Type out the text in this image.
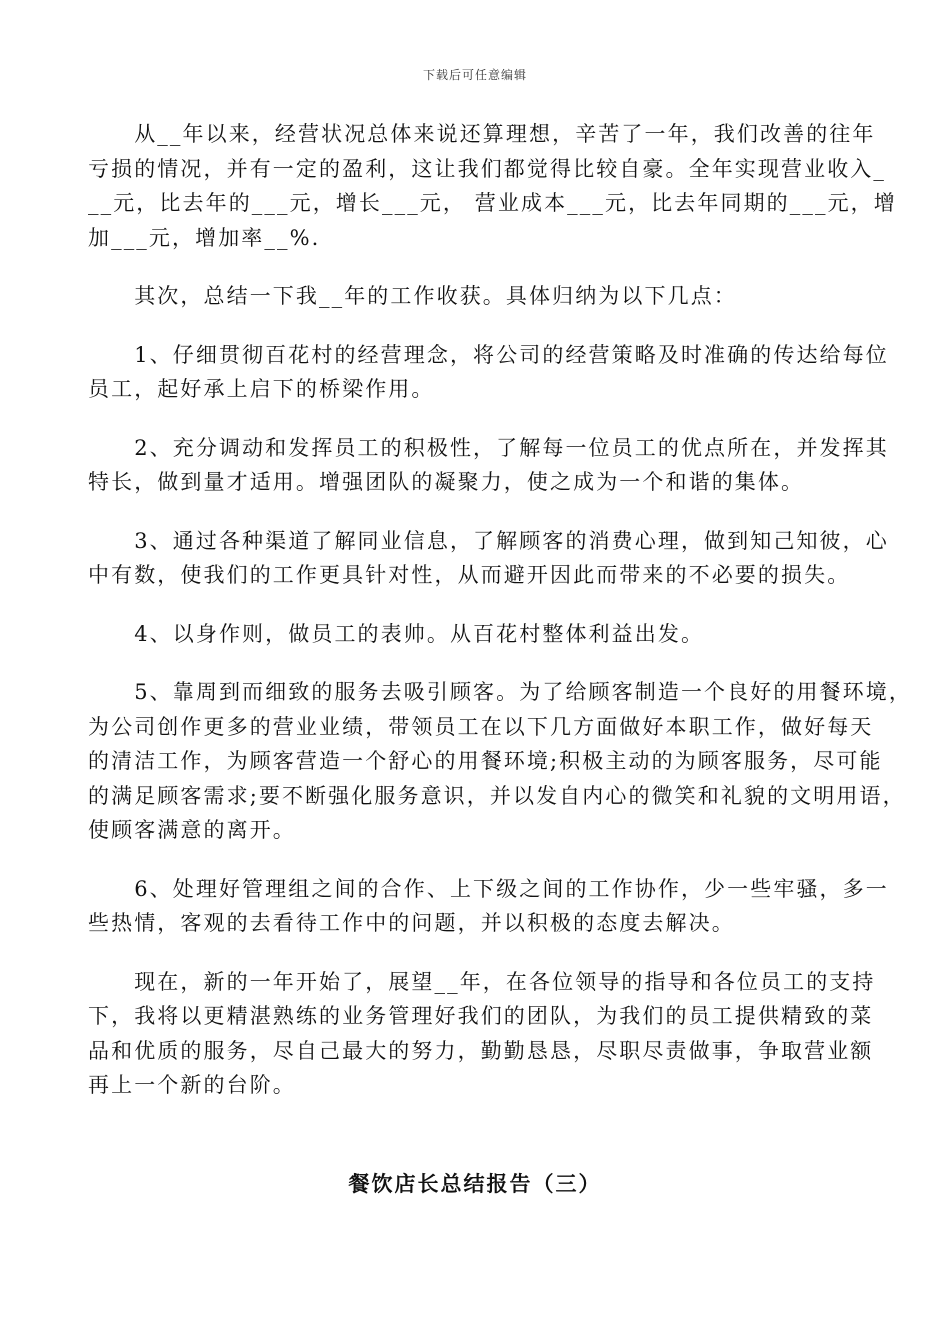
下载后可任意编辑

　　从__年以来，经营状况总体来说还算理想，辛苦了一年，我们改善的往年
亏损的情况，并有一定的盈利，这让我们都觉得比较自豪。全年实现营业收入_
__元，比去年的___元，增长___元， 营业成本___元，比去年同期的___元，增
加___元，增加率__%.

　　其次，总结一下我__年的工作收获。具体归纳为以下几点：

　　1、仔细贯彻百花村的经营理念，将公司的经营策略及时准确的传达给每位
员工，起好承上启下的桥梁作用。

　　2、充分调动和发挥员工的积极性，了解每一位员工的优点所在，并发挥其
特长，做到量才适用。增强团队的凝聚力，使之成为一个和谐的集体。

　　3、通过各种渠道了解同业信息，了解顾客的消费心理，做到知己知彼，心
中有数，使我们的工作更具针对性，从而避开因此而带来的不必要的损失。

　　4、以身作则，做员工的表帅。从百花村整体利益出发。

　　5、靠周到而细致的服务去吸引顾客。为了给顾客制造一个良好的用餐环境，
为公司创作更多的营业业绩，带领员工在以下几方面做好本职工作，做好每天
的清洁工作，为顾客营造一个舒心的用餐环境;积极主动的为顾客服务，尽可能
的满足顾客需求;要不断强化服务意识，并以发自内心的微笑和礼貌的文明用语，
使顾客满意的离开。

　　6、处理好管理组之间的合作、上下级之间的工作协作，少一些牢骚，多一
些热情，客观的去看待工作中的问题，并以积极的态度去解决。

　　现在，新的一年开始了，展望__年，在各位领导的指导和各位员工的支持
下，我将以更精湛熟练的业务管理好我们的团队，为我们的员工提供精致的菜
品和优质的服务，尽自己最大的努力，勤勤恳恳，尽职尽责做事，争取营业额
再上一个新的台阶。

餐饮店长总结报告（三）
